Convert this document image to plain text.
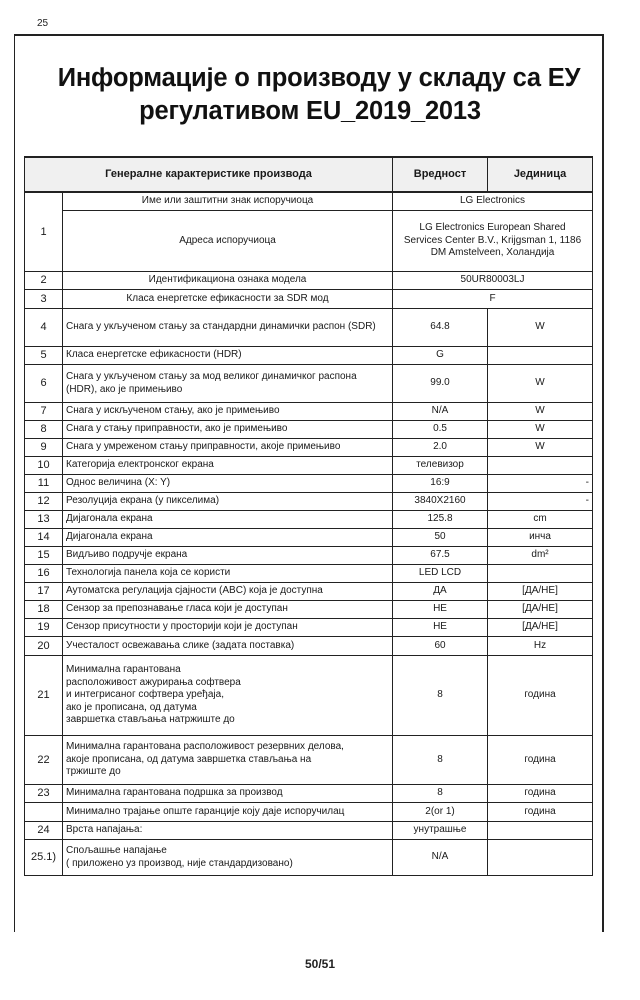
25
Информације о производу у складу са ЕУ
регулативом EU_2019_2013
Генералне карактеристике производа		Вредност	Јединица
1	Име или заштитни знак испоручиоца	LG Electronics	
	Адреса испоручиоца	LG Electronics European Shared
Services Center B.V., Krijgsman 1, 1186
DM Amstelveen, Холандија	

2	Идентификациона ознака модела	50UR80003LJ	
3	Класа енергетске ефикасности за SDR мод	F	
4	Снага у укљученом стању за стандардни динамички распон (SDR)	64.8	W
5	Класа енергетске ефикасности (HDR)	G	
6	Снага у укљученом стању за мод великог динамичког распона (HDR), ако је примењиво	99.0	W
7	Снага у искљученом стању, ако је примењиво	N/A	W
8	Снага у стању приправности, ако је примењиво	0.5	W
9	Снага у умреженом стању приправности, акоје примењиво	2.0	W
10	Категорија електронског екрана	телевизор	
11	Однос величина (X: Y)	16:9	-
12	Резолуција екрана (у пикселима)	3840X2160	-
13	Дијагонала екрана	125.8	cm
14	Дијагонала екрана	50	инча
15	Видљиво подручје екрана	67.5	dm²
16	Технологија панела која се користи	LED LCD	
17	Аутоматска регулација сјајности (ABC) која је доступна	ДА	[ДА/НЕ]
18	Сензор за препознавање гласа који је доступан	НЕ	[ДА/НЕ]
19	Сензор присутности у просторији који је доступан	НЕ	[ДА/НЕ]
20	Учесталост освежавања слике (задата поставка)	60	Hz
21	Минимална гарантована
расположивост ажурирања софтвера
и интегрисаног софтвера уређаја,
ако је прописана, од датума
завршетка стављања натржиште до	8	година
22	Минимална гарантована расположивост резервних делова,
акоје прописана, од датума завршетка стављања на
тржиште до	8	година
23	Минимална гарантована подршка за производ	8	година
	Минимално трајање опште гаранције коју даје испоручилац	2(or 1)	година
24	Врста напајања:	унутрашње	
25.1)	Спољашње напајање
( приложено уз производ, није стандардизовано)	N/A	
50/51
